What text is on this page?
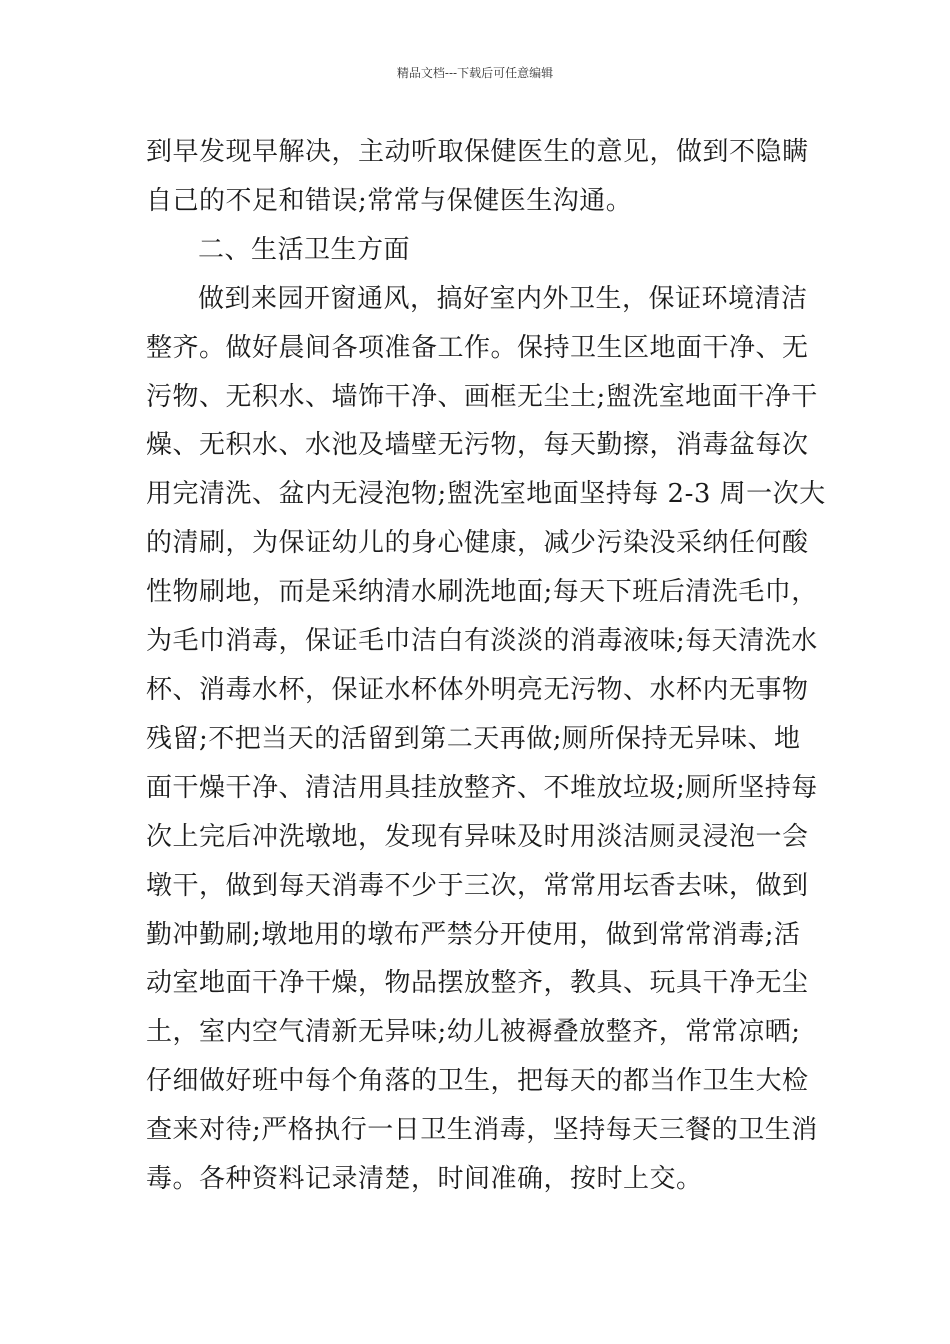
精品文档---下载后可任意编辑
到早发现早解决，主动听取保健医生的意见，做到不隐瞒
自己的不足和错误;常常与保健医生沟通。
二、生活卫生方面
做到来园开窗通风，搞好室内外卫生，保证环境清洁
整齐。做好晨间各项准备工作。保持卫生区地面干净、无
污物、无积水、墙饰干净、画框无尘土;盥洗室地面干净干
燥、无积水、水池及墙壁无污物，每天勤擦，消毒盆每次
用完清洗、盆内无浸泡物;盥洗室地面坚持每 2-3 周一次大
的清刷，为保证幼儿的身心健康，减少污染没采纳任何酸
性物刷地，而是采纳清水刷洗地面;每天下班后清洗毛巾，
为毛巾消毒，保证毛巾洁白有淡淡的消毒液味;每天清洗水
杯、消毒水杯，保证水杯体外明亮无污物、水杯内无事物
残留;不把当天的活留到第二天再做;厕所保持无异味、地
面干燥干净、清洁用具挂放整齐、不堆放垃圾;厕所坚持每
次上完后冲洗墩地，发现有异味及时用淡洁厕灵浸泡一会
墩干，做到每天消毒不少于三次，常常用坛香去味，做到
勤冲勤刷;墩地用的墩布严禁分开使用，做到常常消毒;活
动室地面干净干燥，物品摆放整齐，教具、玩具干净无尘
土，室内空气清新无异味;幼儿被褥叠放整齐，常常凉晒;
仔细做好班中每个角落的卫生，把每天的都当作卫生大检
查来对待;严格执行一日卫生消毒，坚持每天三餐的卫生消
毒。各种资料记录清楚，时间准确，按时上交。
